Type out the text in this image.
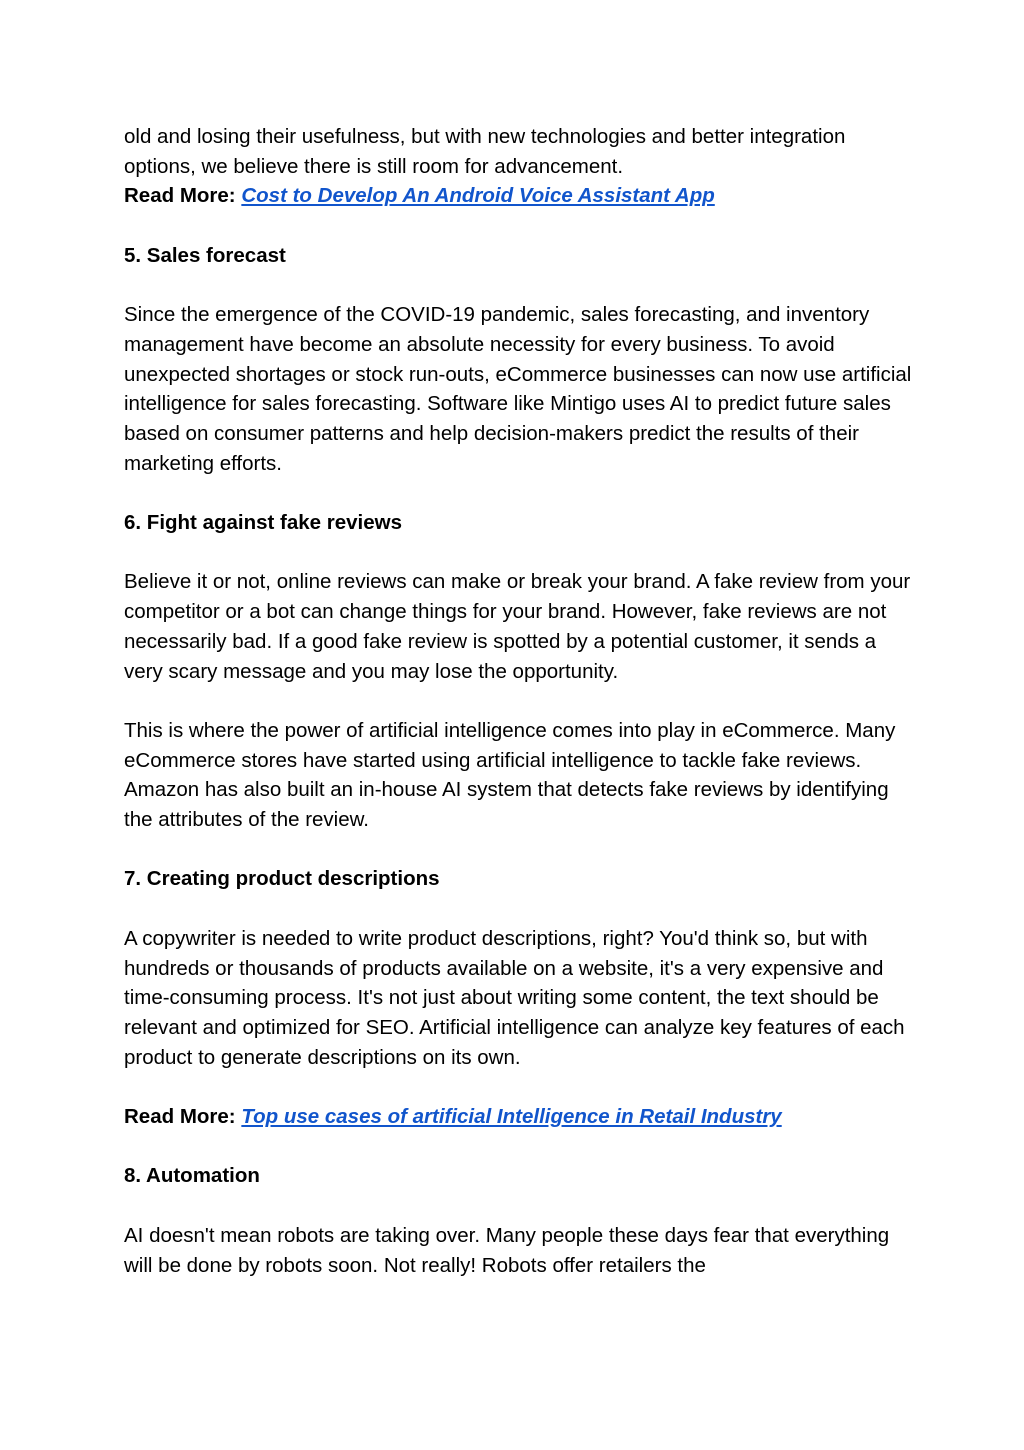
old and losing their usefulness, but with new technologies and better integration options, we believe there is still room for advancement.

Read More: Cost to Develop An Android Voice Assistant App

5. Sales forecast

Since the emergence of the COVID-19 pandemic, sales forecasting, and inventory management have become an absolute necessity for every business. To avoid unexpected shortages or stock run-outs, eCommerce businesses can now use artificial intelligence for sales forecasting. Software like Mintigo uses AI to predict future sales based on consumer patterns and help decision-makers predict the results of their marketing efforts.

6. Fight against fake reviews

Believe it or not, online reviews can make or break your brand. A fake review from your competitor or a bot can change things for your brand. However, fake reviews are not necessarily bad. If a good fake review is spotted by a potential customer, it sends a very scary message and you may lose the opportunity.

This is where the power of artificial intelligence comes into play in eCommerce. Many eCommerce stores have started using artificial intelligence to tackle fake reviews. Amazon has also built an in-house AI system that detects fake reviews by identifying the attributes of the review.

7. Creating product descriptions

A copywriter is needed to write product descriptions, right? You'd think so, but with hundreds or thousands of products available on a website, it's a very expensive and time-consuming process. It's not just about writing some content, the text should be relevant and optimized for SEO. Artificial intelligence can analyze key features of each product to generate descriptions on its own.

Read More: Top use cases of artificial Intelligence in Retail Industry

8. Automation

AI doesn't mean robots are taking over. Many people these days fear that everything will be done by robots soon. Not really! Robots offer retailers the
